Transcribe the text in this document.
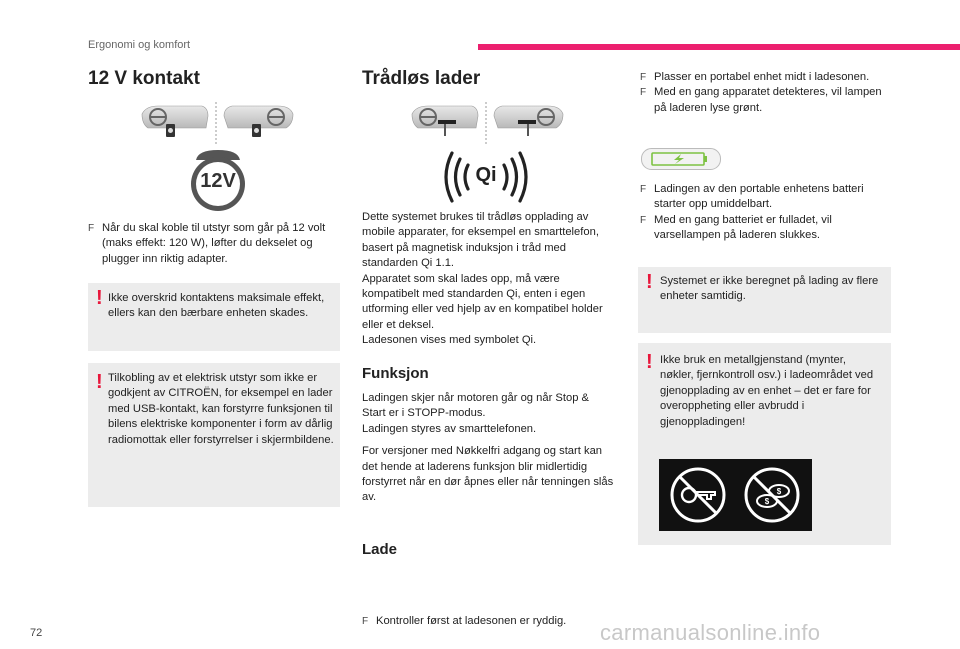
Ergonomi og komfort
72	carmanualsonline.info
12 V kontakt
12V
F Når du skal koble til utstyr som går på 12 volt (maks effekt: 120 W), løfter du dekselet og plugger inn riktig adapter.
! Ikke overskrid kontaktens maksimale effekt, ellers kan den bærbare enheten skades.
! Tilkobling av et elektrisk utstyr som ikke er godkjent av CITROËN, for eksempel en lader med USB-kontakt, kan forstyrre funksjonen til bilens elektriske komponenter i form av dårlig radiomottak eller forstyrrelser i skjermbildene.
Trådløs lader
Qi

Dette systemet brukes til trådløs opplading av mobile apparater, for eksempel en smarttelefon, basert på magnetisk induksjon i tråd med standarden Qi 1.1.

Apparatet som skal lades opp, må være kompatibelt med standarden Qi, enten i egen utforming eller ved hjelp av en kompatibel holder eller et deksel.

Ladesonen vises med symbolet Qi.

Funksjon

Ladingen skjer når motoren går og når Stop & Start er i STOPP-modus.

Ladingen styres av smarttelefonen.

For versjoner med Nøkkelfri adgang og start kan det hende at laderens funksjon blir midlertidig forstyrret når en dør åpnes eller når tenningen slås av.

Lade
F Kontroller først at ladesonen er ryddig.
F Plasser en portabel enhet midt i ladesonen.
F Med en gang apparatet detekteres, vil lampen på laderen lyse grønt.
F Ladingen av den portable enhetens batteri starter opp umiddelbart.
F Med en gang batteriet er fulladet, vil varsellampen på laderen slukkes.
! Systemet er ikke beregnet på lading av flere enheter samtidig.
! Ikke bruk en metallgjenstand (mynter, nøkler, fjernkontroll osv.) i ladeområdet ved gjenopplading av en enhet – det er fare for overoppheting eller avbrudd i gjenoppladingen!
$
$
